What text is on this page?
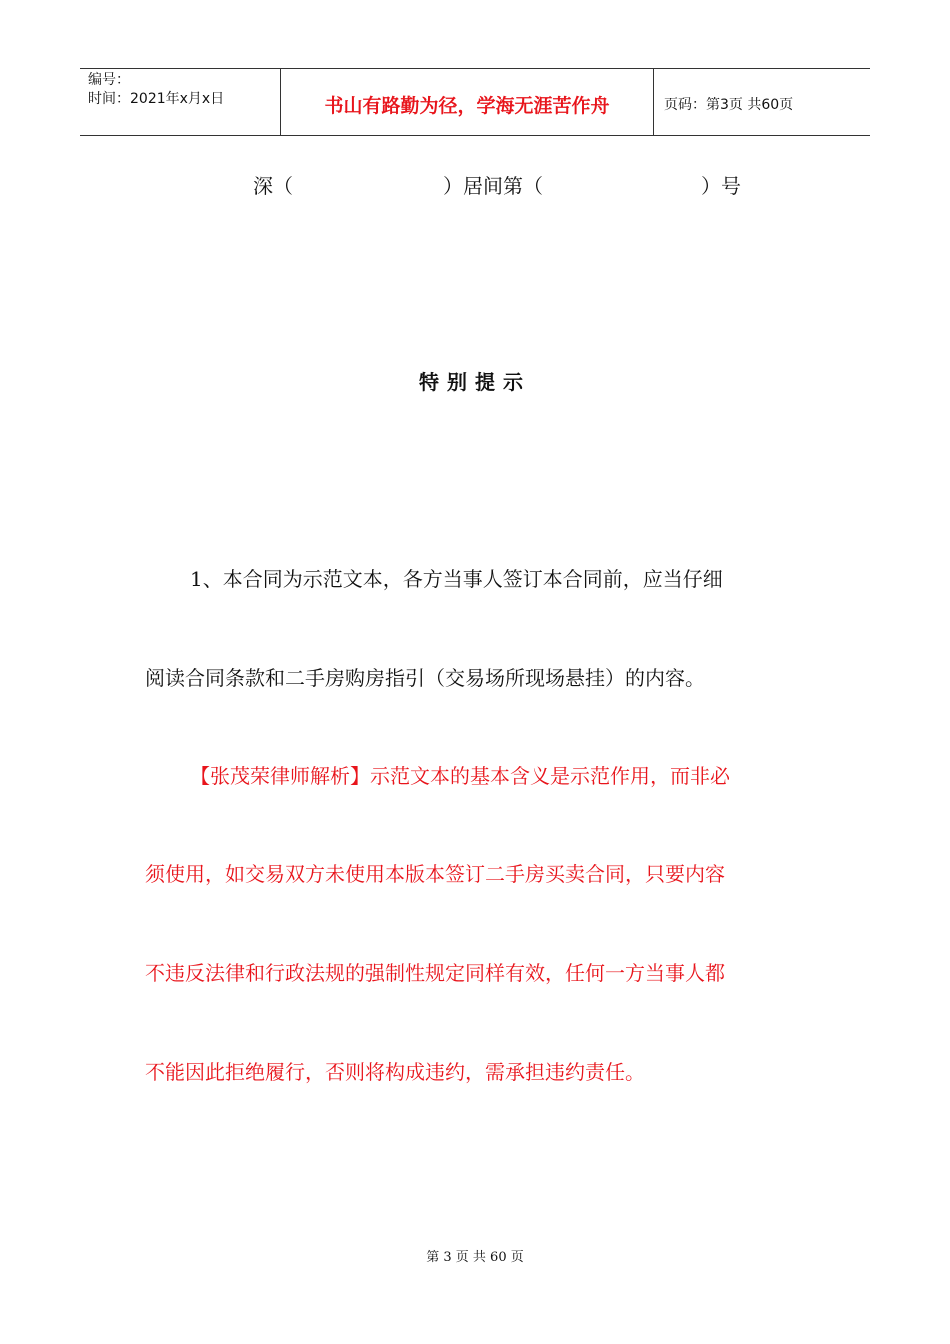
编号：
时间：2021年x月x日	书山有路勤为径，学海无涯苦作舟	页码：第3页 共60页

深（

	）居间第（

	）号

特别提示
1、本合同为示范文本，各方当事人签订本合同前，应当仔细
阅读合同条款和二手房购房指引（交易场所现场悬挂）的内容。
【张茂荣律师解析】示范文本的基本含义是示范作用，而非必
须使用，如交易双方未使用本版本签订二手房买卖合同，只要内容
不违反法律和行政法规的强制性规定同样有效，任何一方当事人都
不能因此拒绝履行，否则将构成违约，需承担违约责任。
第 3 页 共 60 页
